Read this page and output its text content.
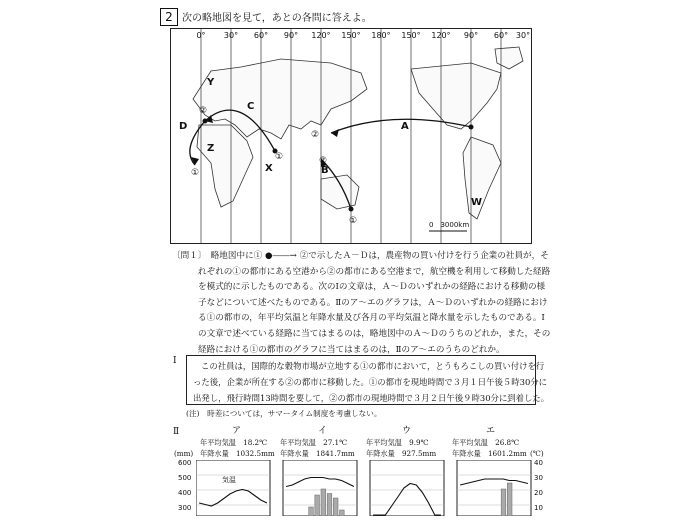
2 次の略地図を見て，あとの各問に答えよ。
0° 30° 60° 90° 120° 150° 180° 150° 120° 90° 60° 30°
Y
C
D
Z
X
A
B
W
①
②
①
②
①
②
0　3000km
〔問１〕　 略地図中に① ●――→ ②で示したＡ－Ｄは，農産物の買い付けを行う企業の社員が，そ
れぞれの①の都市にある空港から②の都市にある空港まで，航空機を利用して移動した経路
を模式的に示したものである。次のⅠの文章は，Ａ～Ｄのいずれかの経路における移動の様
子などについて述べたものである。Ⅱのア～エのグラフは，Ａ～Ｄのいずれかの経路におけ
る①の都市の，年平均気温と年降水量及び各月の平均気温と降水量を示したものである。Ⅰ
の文章で述べている経路に当てはまるのは，略地図中のＡ～Ｄのうちのどれか，また，その
経路における①の都市のグラフに当てはまるのは，Ⅱのア～エのうちのどれか。
Ⅰ	この社員は，国際的な穀物市場が立地する①の都市において，とうもろこしの買い付けを行
った後，企業が所在する②の都市に移動した。①の都市を現地時間で３月１日午後５時30分に
出発し，飛行時間13時間を要して，②の都市の現地時間で３月２日午後９時30分に到着した。
(注)　時差については，サマータイム制度を考慮しない。
Ⅱ	ア	イ	ウ	エ
年平均気温　18.2℃ 年平均気温　27.1℃	年平均気温　9.9℃	年平均気温　26.8℃
(mm) 年降水量　1032.5mm 年降水量　1841.7mm 年降水量　927.5mm 年降水量　1601.2mm (℃)
600
500
400
300
40
30
20
10
気温
